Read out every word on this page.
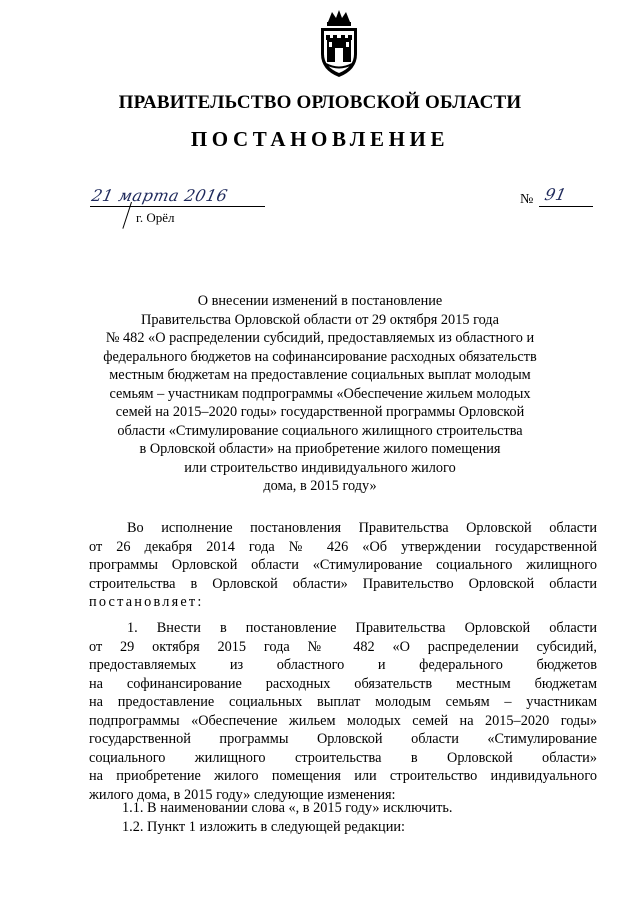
ПРАВИТЕЛЬСТВО ОРЛОВСКОЙ ОБЛАСТИ
ПОСТАНОВЛЕНИЕ
21 марта 2016
г. Орёл
№ 91
О внесении изменений в постановление
Правительства Орловской области от 29 октября 2015 года
№ 482 «О распределении субсидий, предоставляемых из областного и
федерального бюджетов на софинансирование расходных обязательств
местным бюджетам на предоставление социальных выплат молодым
семьям – участникам подпрограммы «Обеспечение жильем молодых
семей на 2015–2020 годы» государственной программы Орловской
области «Стимулирование социального жилищного строительства
в Орловской области» на приобретение жилого помещения
или строительство индивидуального жилого
дома, в 2015 году»
Во исполнение постановления Правительства Орловской области
от 26 декабря 2014 года № 426 «Об утверждении государственной
программы Орловской области «Стимулирование социального жилищного
строительства в Орловской области» Правительство Орловской области
постановляет:
1. Внести в постановление Правительства Орловской области
от 29 октября 2015 года № 482 «О распределении субсидий,
предоставляемых из областного и федерального бюджетов
на софинансирование расходных обязательств местным бюджетам
на предоставление социальных выплат молодым семьям – участникам
подпрограммы «Обеспечение жильем молодых семей на 2015–2020 годы»
государственной программы Орловской области «Стимулирование
социального жилищного строительства в Орловской области»
на приобретение жилого помещения или строительство индивидуального
жилого дома, в 2015 году» следующие изменения:
1.1. В наименовании слова «, в 2015 году» исключить.
1.2. Пункт 1 изложить в следующей редакции:
